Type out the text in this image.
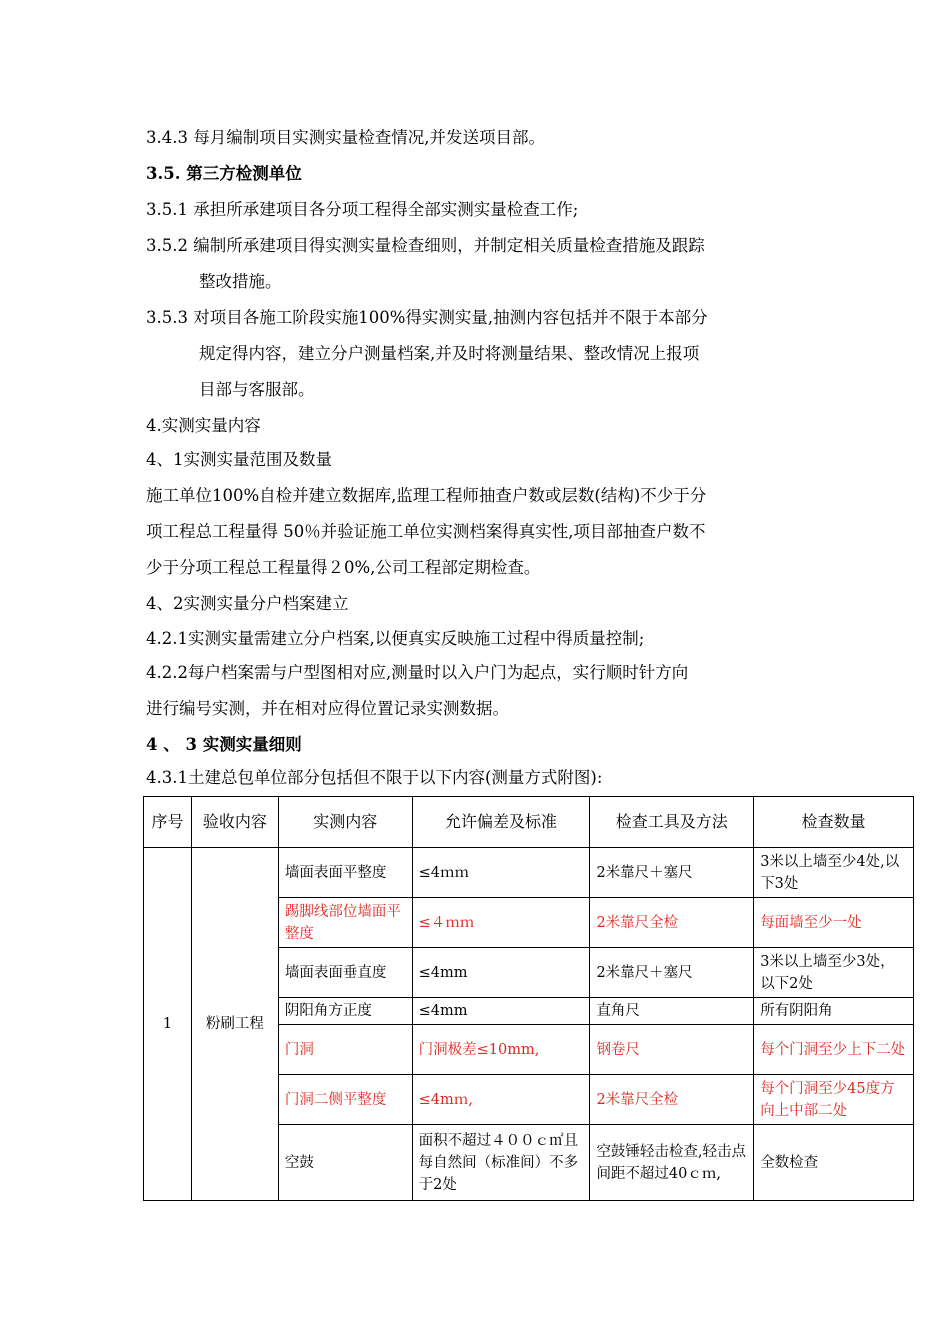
3.4.3 每月编制项目实测实量检查情况,并发送项目部。
3.5. 第三方检测单位
3.5.1 承担所承建项目各分项工程得全部实测实量检查工作;
3.5.2 编制所承建项目得实测实量检查细则，并制定相关质量检查措施及跟踪
整改措施。
3.5.3 对项目各施工阶段实施100%得实测实量,抽测内容包括并不限于本部分
规定得内容，建立分户测量档案,并及时将测量结果、整改情况上报项
目部与客服部。
4.实测实量内容
4、1实测实量范围及数量
施工单位100%自检并建立数据库,监理工程师抽查户数或层数(结构)不少于分
项工程总工程量得 50％并验证施工单位实测档案得真实性,项目部抽查户数不
少于分项工程总工程量得２0%,公司工程部定期检查。
4、2实测实量分户档案建立
4.2.1实测实量需建立分户档案,以便真实反映施工过程中得质量控制;
4.2.2每户档案需与户型图相对应,测量时以入户门为起点，实行顺时针方向
进行编号实测，并在相对应得位置记录实测数据。
4 、 3 实测实量细则
4.3.1土建总包单位部分包括但不限于以下内容(测量方式附图):
序号	验收内容	实测内容	允许偏差及标准	检查工具及方法	检查数量
1	粉刷工程	墙面表面平整度	≤4ｍｍ	2米靠尺＋塞尺	3米以上墙至少4处,以下3处
		踢脚线部位墙面平整度	≤４ｍｍ	2米靠尺全检	每面墙至少一处
		墙面表面垂直度	≤4mm	2米靠尺＋塞尺	3米以上墙至少3处，以下2处
		阴阳角方正度	≤4mm	直角尺	所有阴阳角
		门洞	门洞极差≤10mm,	钢卷尺	每个门洞至少上下二处
		门洞二侧平整度	≤4mｍ,	2米靠尺全检	每个门洞至少45度方向上中部二处
		空鼓	面积不超过４００ｃ㎡且每自然间（标准间）不多于2处	空鼓锤轻击检查,轻击点间距不超过40ｃｍ,	全数检查
